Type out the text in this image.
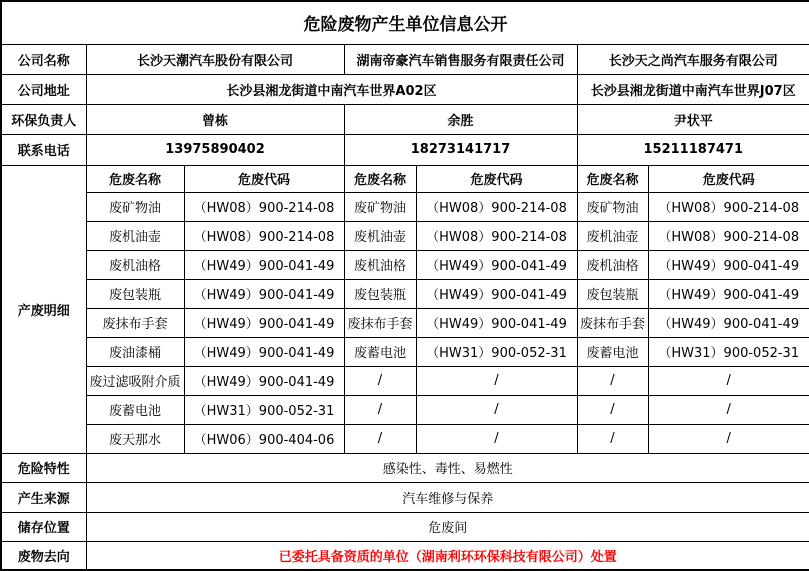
危险废物产生单位信息公开						
公司名称	长沙天潮汽车股份有限公司		湖南帝豪汽车销售服务有限责任公司		长沙天之尚汽车服务有限公司	
公司地址	长沙县湘龙街道中南汽车世界A02区				长沙县湘龙街道中南汽车世界J07区	
环保负责人	曾栋		余胜		尹状平	
联系电话	13975890402		18273141717		15211187471	
产废明细	危废名称	危废代码	危废名称	危废代码	危废名称	危废代码
	废矿物油	（HW08）900-214-08	废矿物油	（HW08）900-214-08	废矿物油	（HW08）900-214-08
	废机油壶	（HW08）900-214-08	废机油壶	（HW08）900-214-08	废机油壶	（HW08）900-214-08
	废机油格	（HW49）900-041-49	废机油格	（HW49）900-041-49	废机油格	（HW49）900-041-49
	废包装瓶	（HW49）900-041-49	废包装瓶	（HW49）900-041-49	废包装瓶	（HW49）900-041-49
	废抹布手套	（HW49）900-041-49	废抹布手套	（HW49）900-041-49	废抹布手套	（HW49）900-041-49
	废油漆桶	（HW49）900-041-49	废蓄电池	（HW31）900-052-31	废蓄电池	（HW31）900-052-31
	废过滤吸附介质	（HW49）900-041-49	/	/	/	/
	废蓄电池	（HW31）900-052-31	/	/	/	/
	废天那水	（HW06）900-404-06	/	/	/	/
危险特性	感染性、毒性、易燃性					
产生来源	汽车维修与保养					
储存位置	危废间					
废物去向	已委托具备资质的单位（湖南利环环保科技有限公司）处置					
